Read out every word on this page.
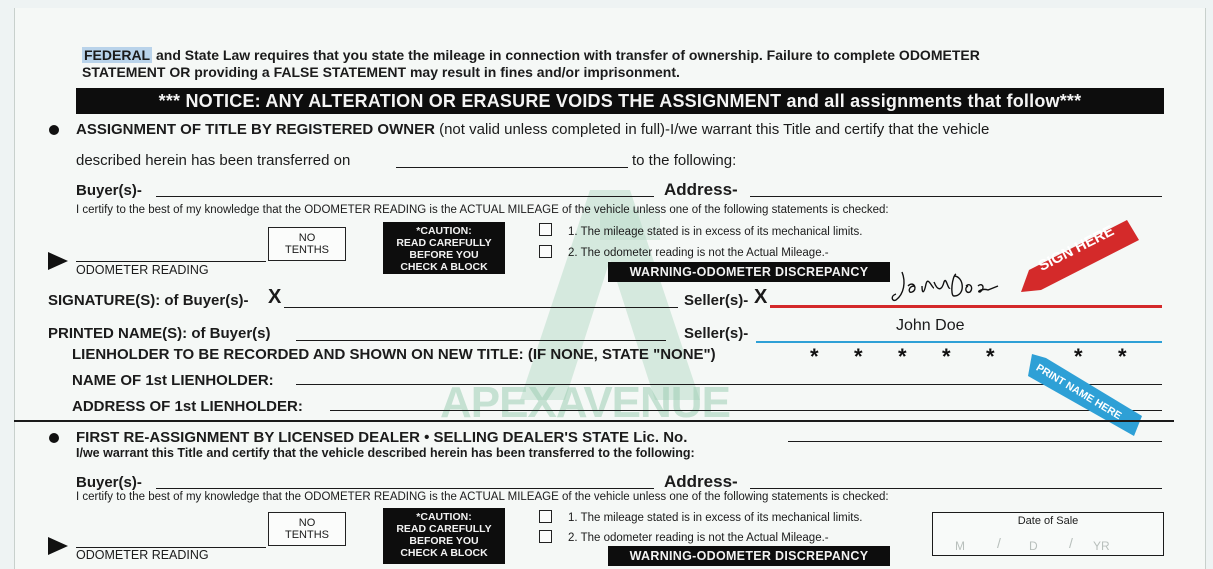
APEXAVENUE
FEDERAL and State Law requires that you state the mileage in connection with transfer of ownership. Failure to complete ODOMETER
STATEMENT OR providing a FALSE STATEMENT may result in fines and/or imprisonment.
*** NOTICE: ANY ALTERATION OR ERASURE VOIDS THE ASSIGNMENT and all assignments that follow***
ASSIGNMENT OF TITLE BY REGISTERED OWNER (not valid unless completed in full)-I/we warrant this Title and certify that the vehicle
described herein has been transferred on	to the following:
Buyer(s)-	Address-
I certify to the best of my knowledge that the ODOMETER READING is the ACTUAL MILEAGE of the vehicle unless one of the following statements is checked:
NO
TENTHS
*CAUTION:
READ CAREFULLY
BEFORE YOU
CHECK A BLOCK
1. The mileage stated is in excess of its mechanical limits.
2. The odometer reading is not the Actual Mileage.-
WARNING-ODOMETER DISCREPANCY
ODOMETER READING
SIGNATURE(S): of Buyer(s)- X	Seller(s)- X
SIGN HERE
PRINTED NAME(S): of Buyer(s)	Seller(s)-	John Doe
LIENHOLDER TO BE RECORDED AND SHOWN ON NEW TITLE: (IF NONE, STATE "NONE")	* * * * *	* *
NAME OF 1st LIENHOLDER:
ADDRESS OF 1st LIENHOLDER:	PRINT NAME HERE
FIRST RE-ASSIGNMENT BY LICENSED DEALER • SELLING DEALER'S STATE Lic. No.
I/we warrant this Title and certify that the vehicle described herein has been transferred to the following:
Buyer(s)-	Address-
I certify to the best of my knowledge that the ODOMETER READING is the ACTUAL MILEAGE of the vehicle unless one of the following statements is checked:
NO
TENTHS
*CAUTION:
READ CAREFULLY
BEFORE YOU
CHECK A BLOCK
1. The mileage stated is in excess of its mechanical limits.
2. The odometer reading is not the Actual Mileage.-
WARNING-ODOMETER DISCREPANCY
ODOMETER READING
Date of Sale
M / D / YR
